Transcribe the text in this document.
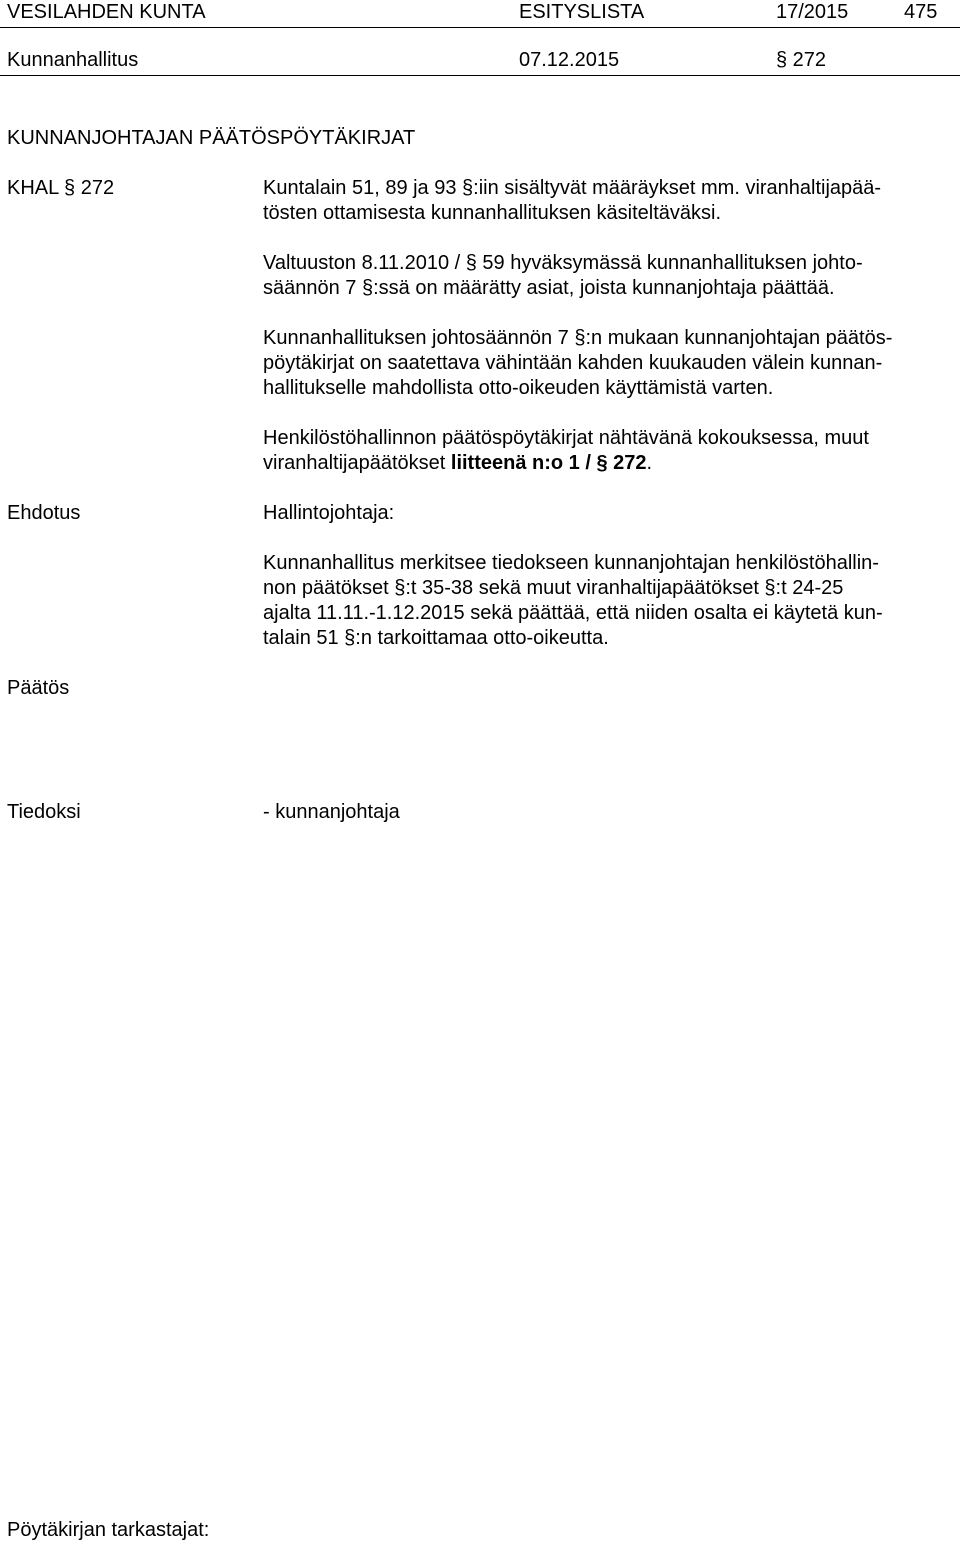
VESILAHDEN KUNTA	ESITYSLISTA	17/2015	475
Kunnanhallitus	07.12.2015	§ 272
KUNNANJOHTAJAN PÄÄTÖSPÖYTÄKIRJAT
KHAL § 272	Kuntalain 51, 89 ja 93 §:iin sisältyvät määräykset mm. viranhaltijapää-
tösten ottamisesta kunnanhallituksen käsiteltäväksi.

Valtuuston 8.11.2010 / § 59 hyväksymässä kunnanhallituksen johto-
säännön 7 §:ssä on määrätty asiat, joista kunnanjohtaja päättää.

Kunnanhallituksen johtosäännön 7 §:n mukaan kunnanjohtajan päätös-
pöytäkirjat on saatettava vähintään kahden kuukauden välein kunnan-
hallitukselle mahdollista otto-oikeuden käyttämistä varten.

Henkilöstöhallinnon päätöspöytäkirjat nähtävänä kokouksessa, muut
viranhaltijapäätökset liitteenä n:o 1 / § 272.

Ehdotus	Hallintojohtaja:

Kunnanhallitus merkitsee tiedokseen kunnanjohtajan henkilöstöhallin-
non päätökset §:t 35-38 sekä muut viranhaltijapäätökset §:t 24-25
ajalta 11.11.-1.12.2015 sekä päättää, että niiden osalta ei käytetä kun-
talain 51 §:n tarkoittamaa otto-oikeutta.

Päätös
Tiedoksi	- kunnanjohtaja
Pöytäkirjan tarkastajat:
